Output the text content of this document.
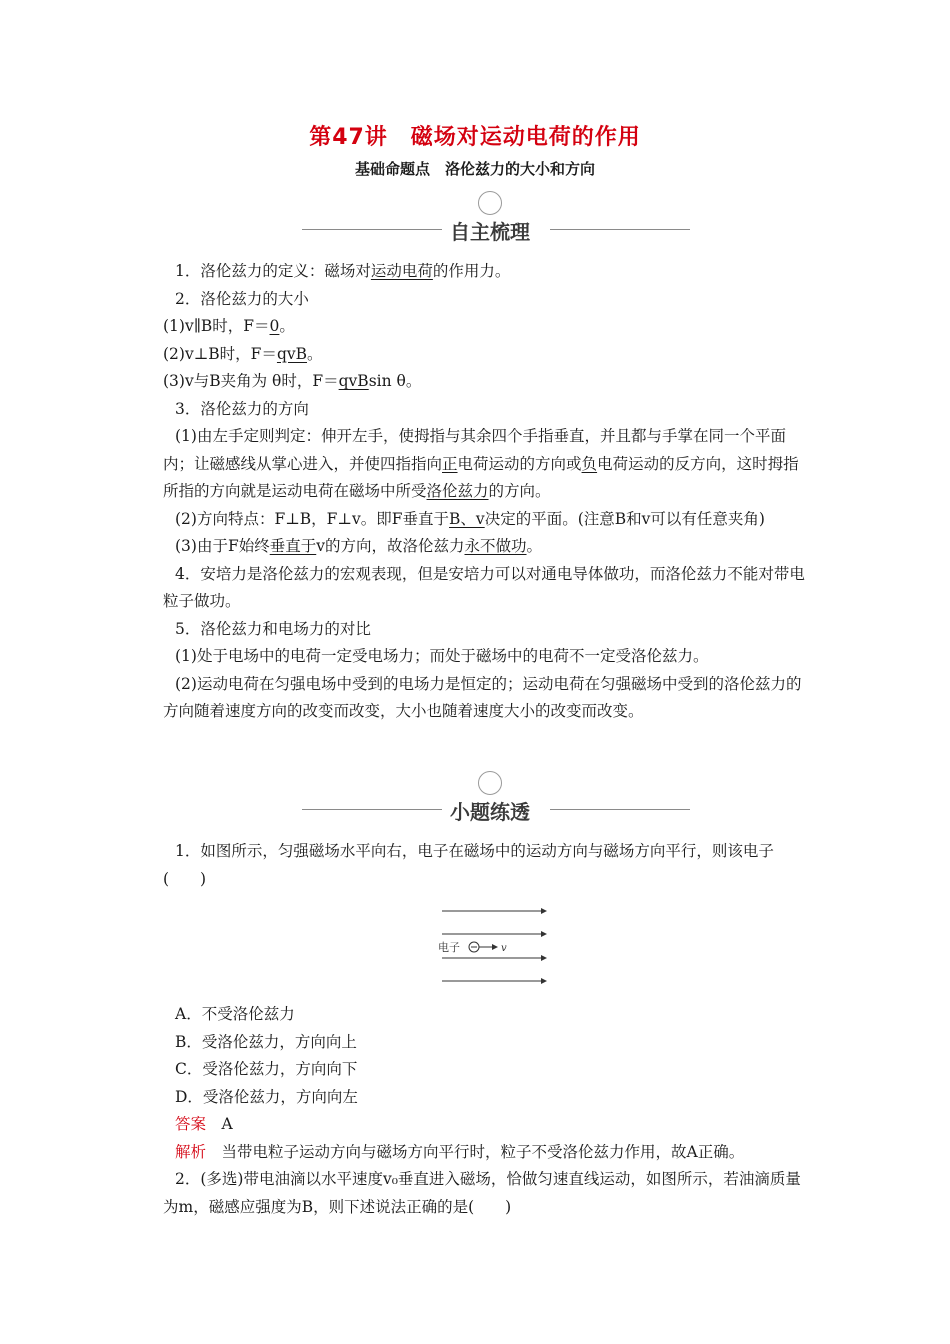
第47讲　磁场对运动电荷的作用
基础命题点　洛伦兹力的大小和方向
自主梳理

1．洛伦兹力的定义：磁场对运动电荷的作用力。

2．洛伦兹力的大小

(1)v∥B时，F＝0。

(2)v⊥B时，F＝qvB。

(3)v与B夹角为 θ时，F＝qvBsin θ。

3．洛伦兹力的方向

(1)由左手定则判定：伸开左手，使拇指与其余四个手指垂直，并且都与手掌在同一个平面内；让磁感线从掌心进入，并使四指指向正电荷运动的方向或负电荷运动的反方向，这时拇指所指的方向就是运动电荷在磁场中所受洛伦兹力的方向。

(2)方向特点：F⊥B，F⊥v。即F垂直于B、v决定的平面。(注意B和v可以有任意夹角)

(3)由于F始终垂直于v的方向，故洛伦兹力永不做功。

4．安培力是洛伦兹力的宏观表现，但是安培力可以对通电导体做功，而洛伦兹力不能对带电粒子做功。

5．洛伦兹力和电场力的对比

(1)处于电场中的电荷一定受电场力；而处于磁场中的电荷不一定受洛伦兹力。

(2)运动电荷在匀强电场中受到的电场力是恒定的；运动电荷在匀强磁场中受到的洛伦兹力的方向随着速度方向的改变而改变，大小也随着速度大小的改变而改变。

小题练透

1．如图所示，匀强磁场水平向右，电子在磁场中的运动方向与磁场方向平行，则该电子(　　)

电子	v

A．不受洛伦兹力

B．受洛伦兹力，方向向上

C．受洛伦兹力，方向向下

D．受洛伦兹力，方向向左

答案　 A

解析　 当带电粒子运动方向与磁场方向平行时，粒子不受洛伦兹力作用，故A正确。

2．(多选)带电油滴以水平速度v₀垂直进入磁场，恰做匀速直线运动，如图所示，若油滴质量为m，磁感应强度为B，则下述说法正确的是(　　)
